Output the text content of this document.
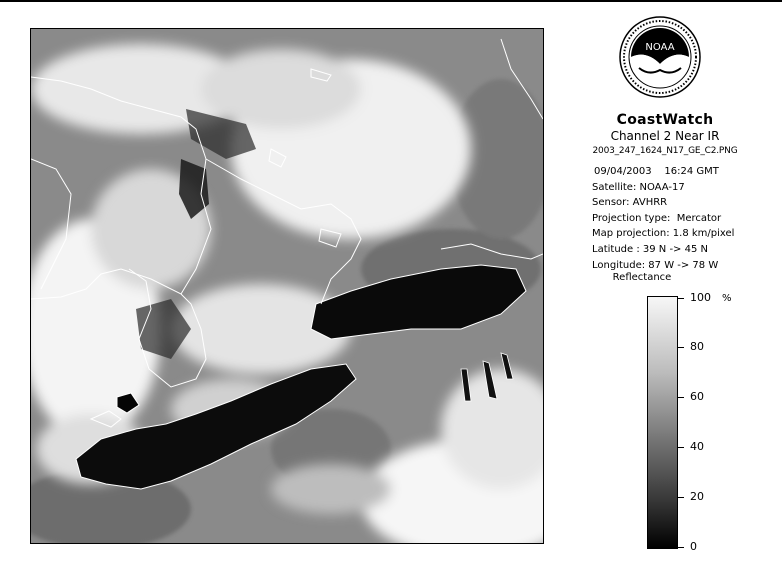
NOAA
CoastWatch
Channel 2 Near IR
2003_247_1624_N17_GE_C2.PNG
09/04/2003 16:24 GMT
Satellite: NOAA-17
Sensor: AVHRR
Projection type:  Mercator
Map projection: 1.8 km/pixel
Latitude : 39 N -> 45 N
Longitude: 87 W -> 78 W
Reflectance
%
100
80
60
40
20
0
